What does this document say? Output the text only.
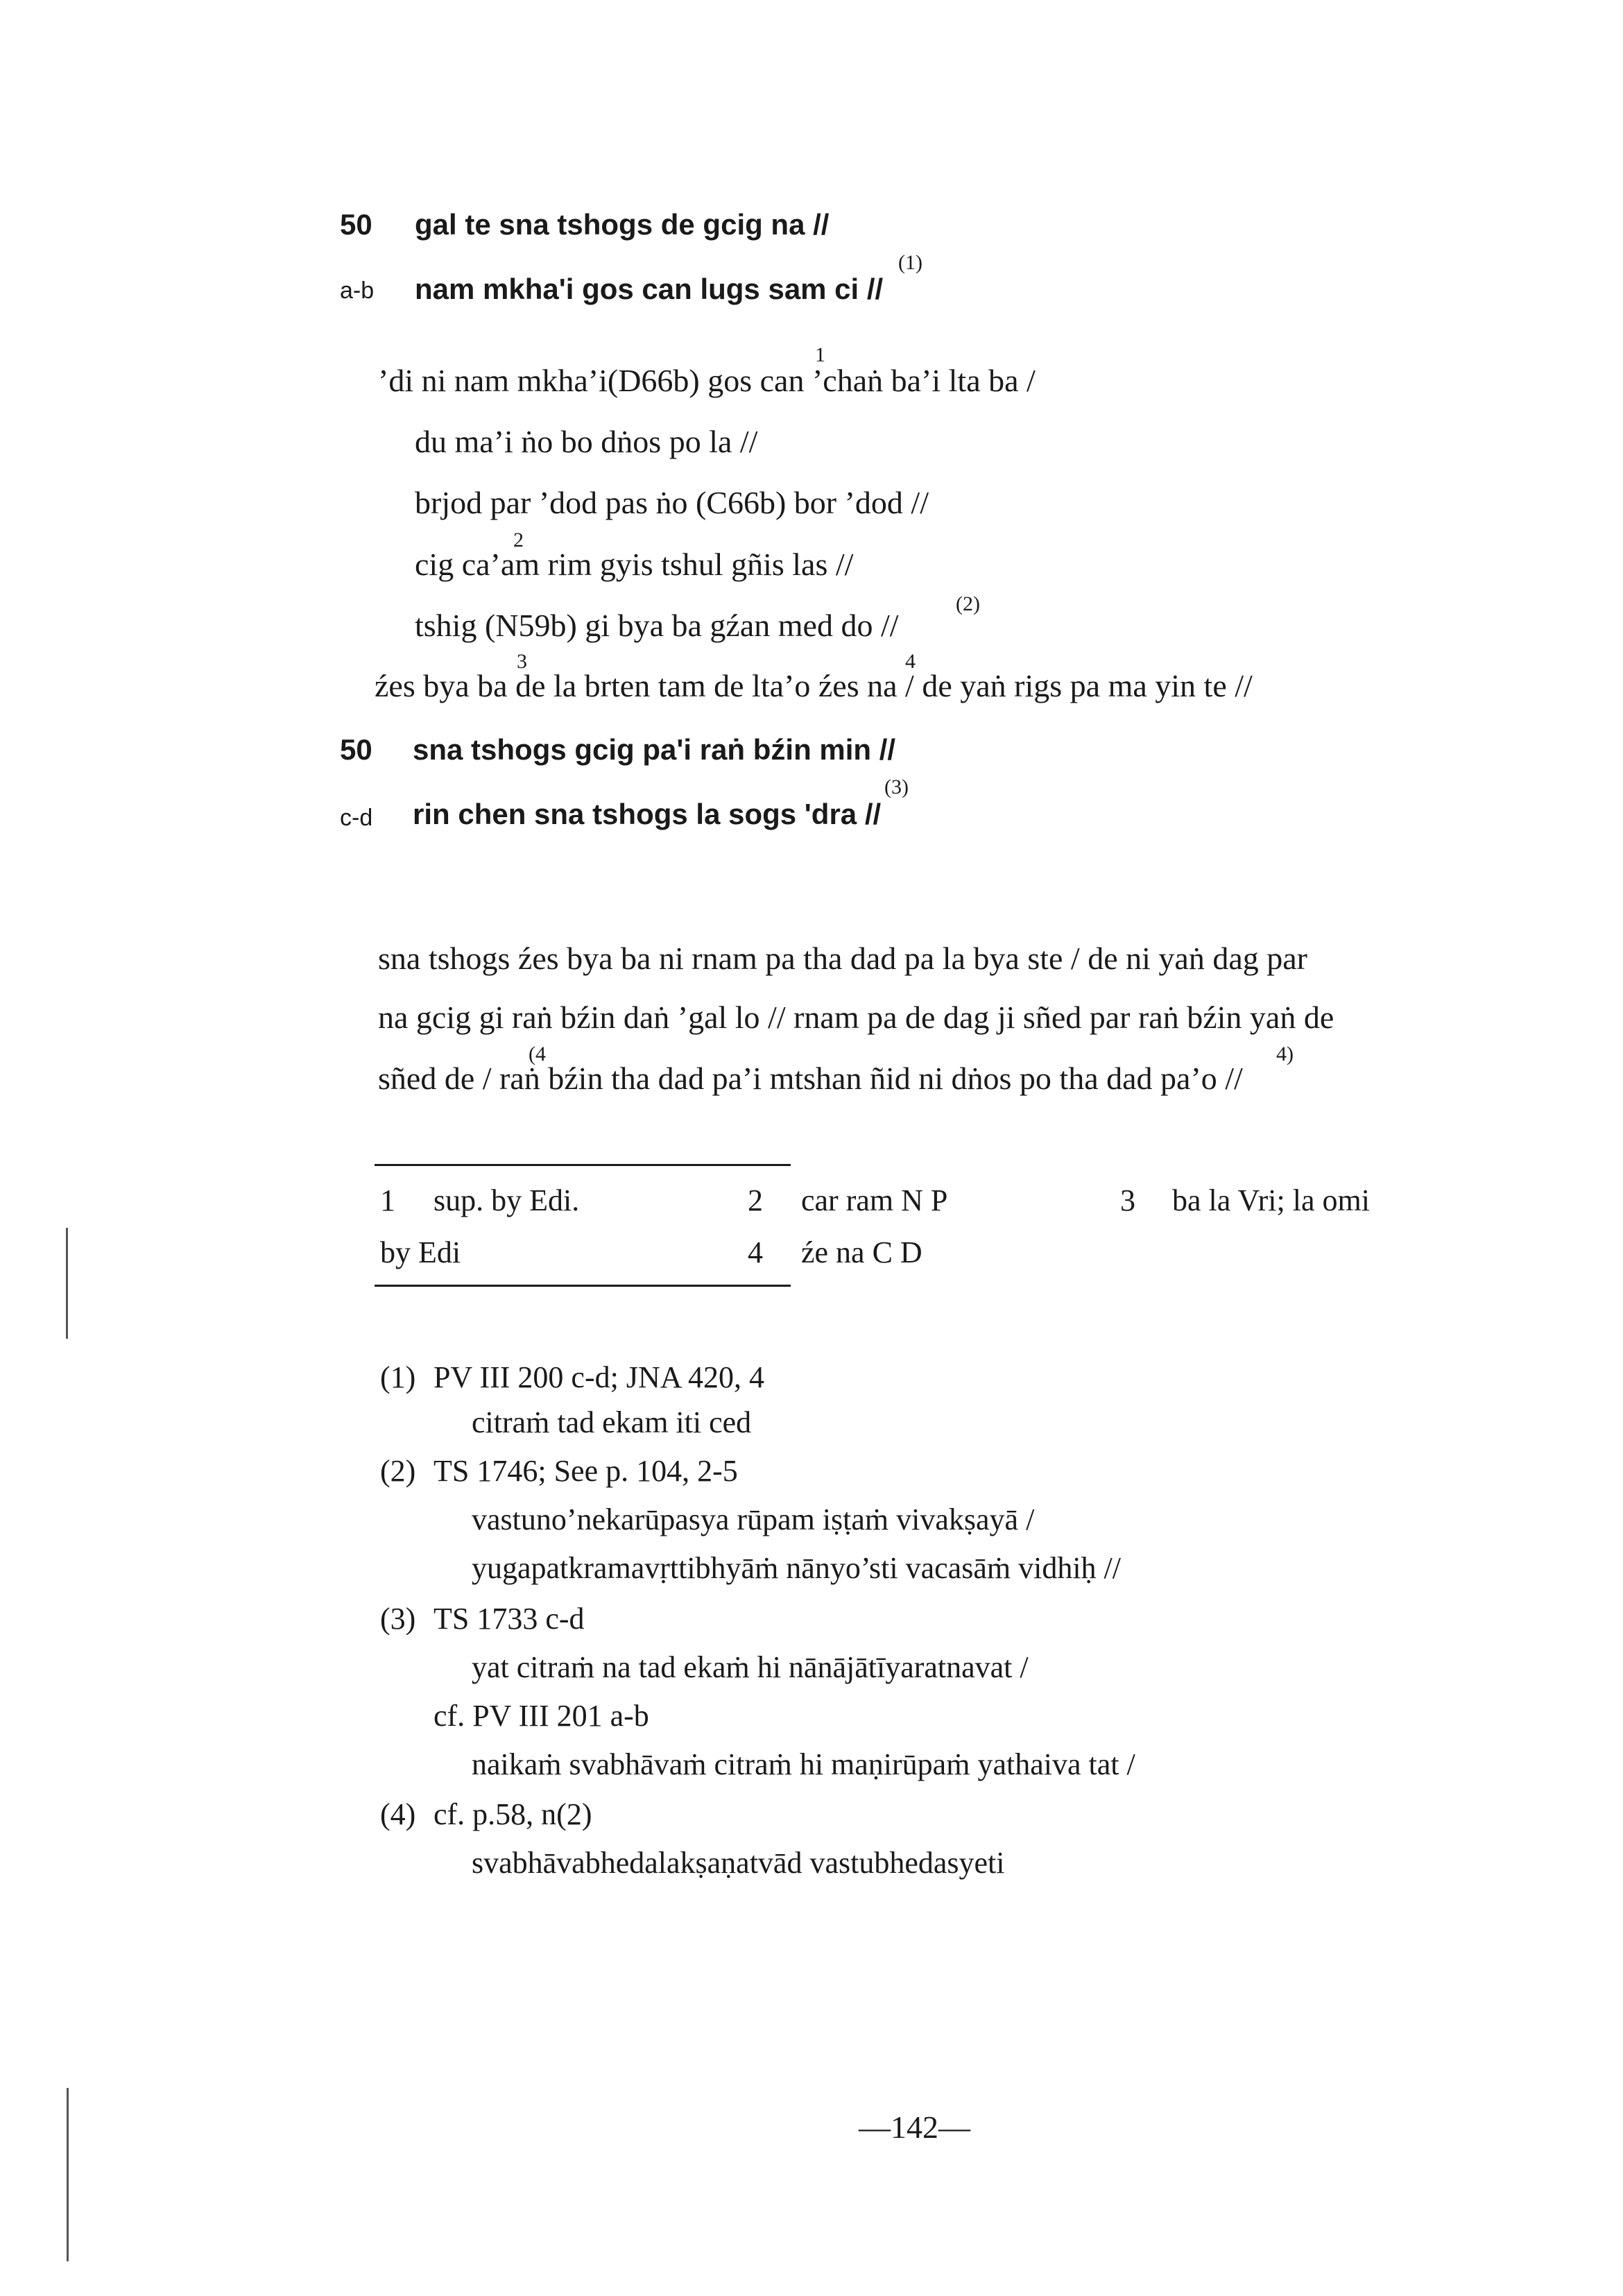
50 gal te sna tshogs de gcig na //
a-b nam mkha'i gos can lugs sam ci //
(1)
’di ni nam mkha’i(D66b) gos can ’chaṅ ba’i lta ba /
1
du ma’i ṅo bo dṅos po la //
brjod par ’dod pas ṅo (C66b) bor ’dod //
2
cig ca’am rim gyis tshul gñis las //
tshig (N59b) gi bya ba gźan med do //
(2)
źes bya ba de la brten tam de lta’o źes na / de yaṅ rigs pa ma yin te //
3	4
50 sna tshogs gcig pa'i raṅ bźin min //
c-d rin chen sna tshogs la sogs 'dra //
(3)
sna tshogs źes bya ba ni rnam pa tha dad pa la bya ste / de ni yaṅ dag par
na gcig gi raṅ bźin daṅ ’gal lo // rnam pa de dag ji sñed par raṅ bźin yaṅ de
sñed de / raṅ bźin tha dad pa’i mtshan ñid ni dṅos po tha dad pa’o //
(4	4)
1 sup. by Edi.	2 car ram N P	3 ba la Vri; la omi
by Edi	4 źe na C D
(1) PV III 200 c-d; JNA 420, 4
citraṁ tad ekam iti ced
(2) TS 1746; See p. 104, 2-5
vastuno’nekarūpasya rūpam iṣṭaṁ vivakṣayā /
yugapatkramavṛttibhyāṁ nānyo’sti vacasāṁ vidhiḥ //
(3) TS 1733 c-d
yat citraṁ na tad ekaṁ hi nānājātīyaratnavat /
cf. PV III 201 a-b
naikaṁ svabhāvaṁ citraṁ hi maṇirūpaṁ yathaiva tat /
(4) cf. p.58, n(2)
svabhāvabhedalakṣaṇatvād vastubhedasyeti
—142—
